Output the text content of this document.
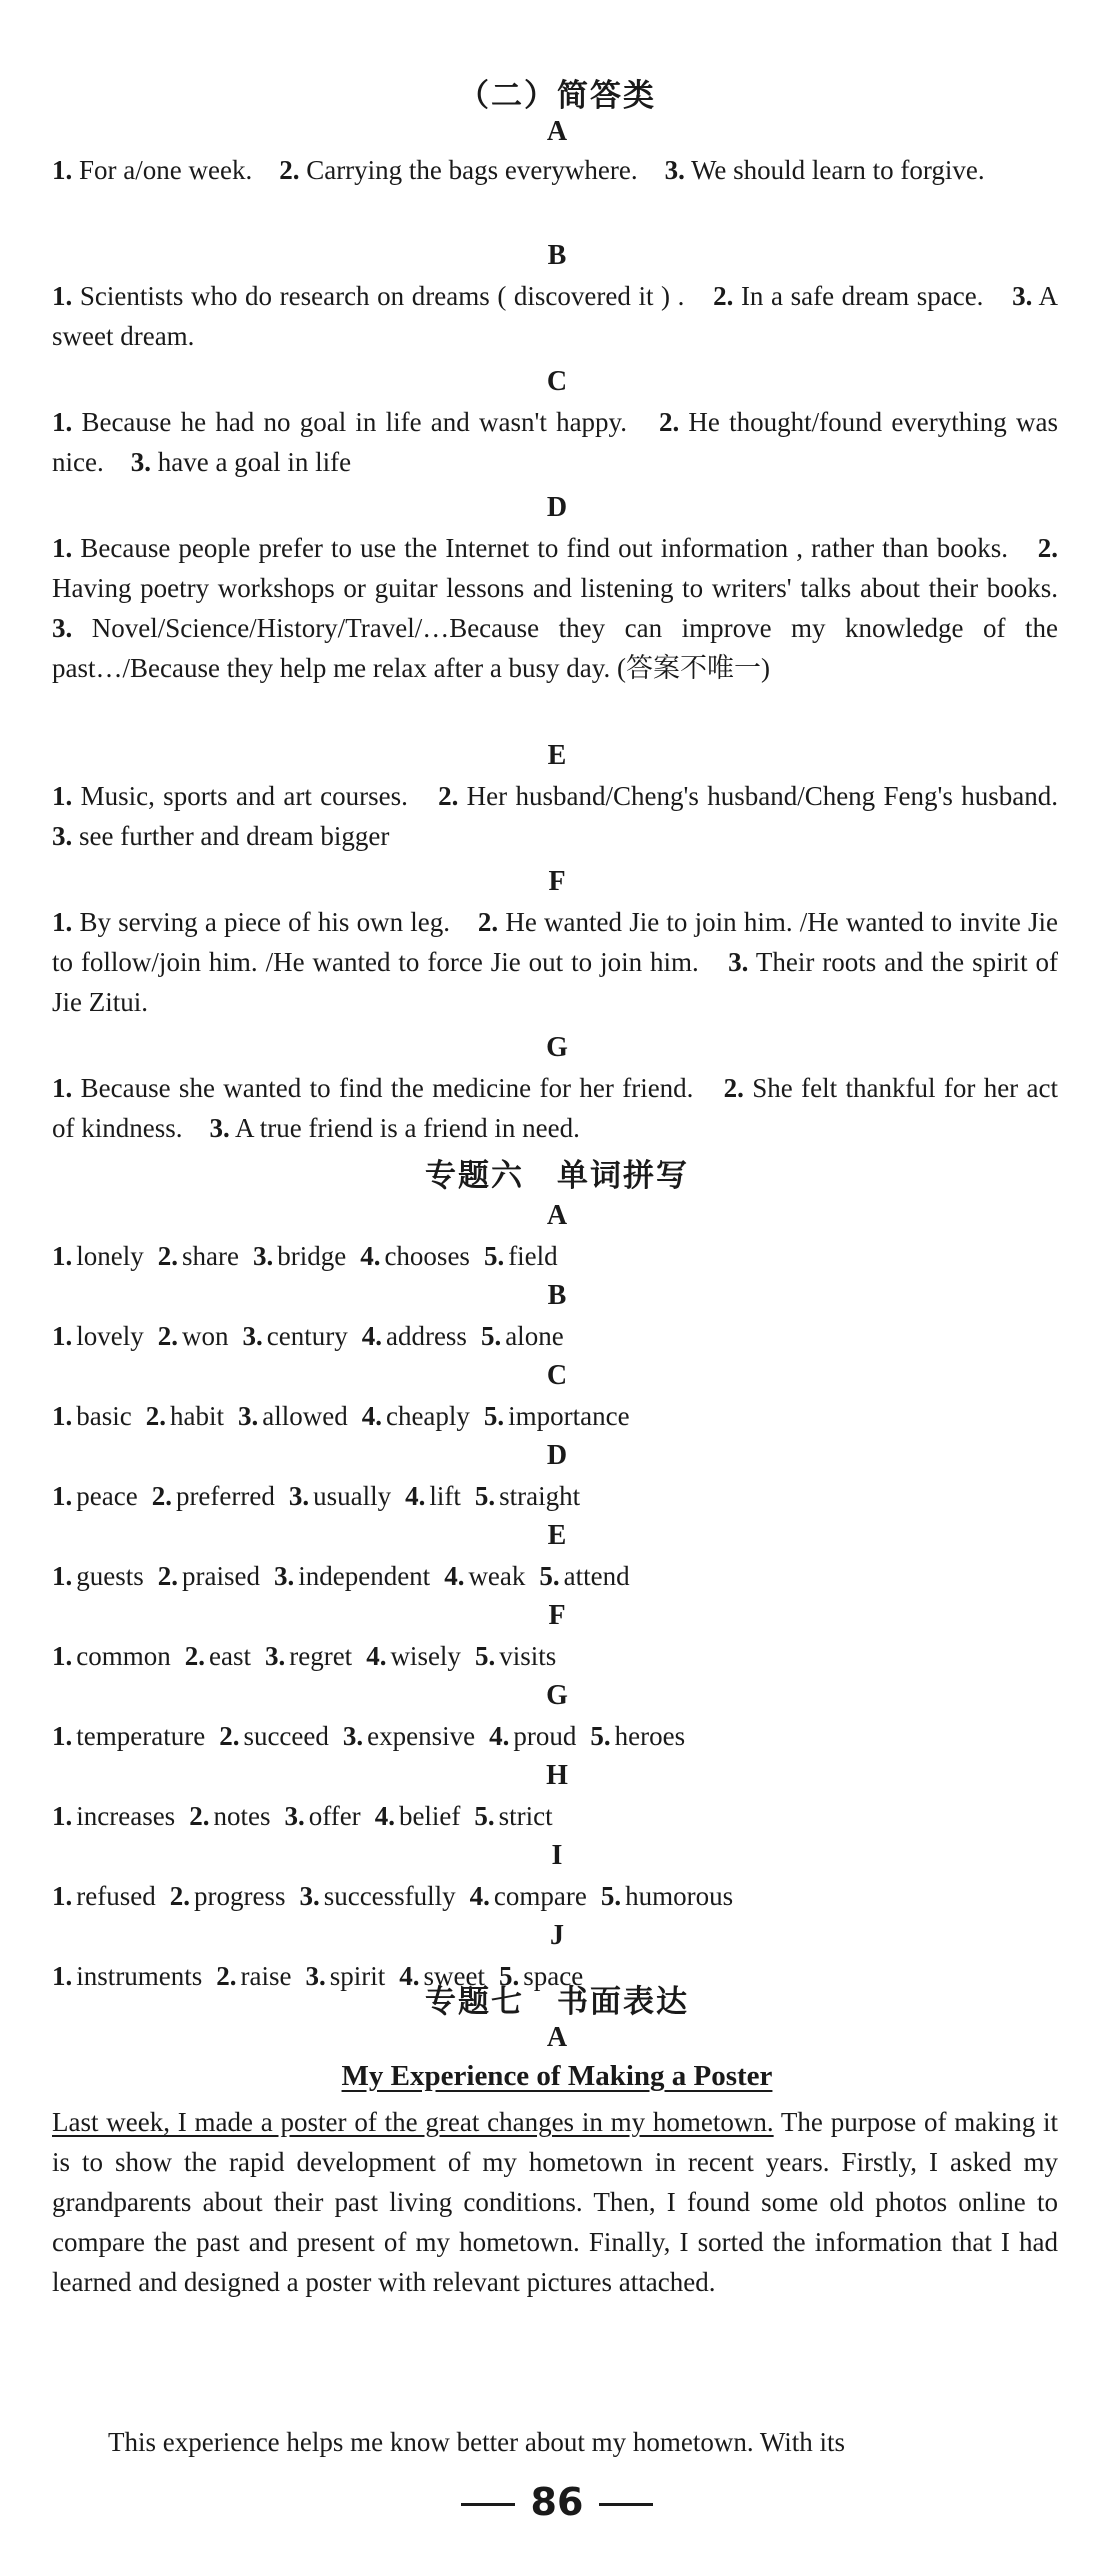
（二）简答类
A
1. For a/one week.　 2. Carrying the bags everywhere.　 3. We should learn to forgive.
B
1. Scientists who do research on dreams ( discovered it ) .　 2. In a safe dream space.　 3. A sweet dream.
C
1. Because he had no goal in life and wasn't happy.　 2. He thought/found everything was nice.　 3. have a goal in life
D
1. Because people prefer to use the Internet to find out information , rather than books.　 2. Having poetry workshops or guitar lessons and listening to writers' talks about their books.　3. Novel/Science/History/Travel/…Because they can improve my knowledge of the past…/Because they help me relax after a busy day. (答案不唯一)
E
1. Music, sports and art courses.　 2. Her husband/Cheng's husband/Cheng Feng's husband.　3. see further and dream bigger
F
1. By serving a piece of his own leg.　 2. He wanted Jie to join him. /He wanted to invite Jie to follow/join him. /He wanted to force Jie out to join him.　 3. Their roots and the spirit of Jie Zitui.
G
1. Because she wanted to find the medicine for her friend.　 2. She felt thankful for her act of kindness.　 3. A true friend is a friend in need.
专题六　单词拼写
A
1. lonely 2. share 3. bridge 4. chooses 5. field
B
1. lovely 2. won 3. century 4. address 5. alone
C
1. basic 2. habit 3. allowed 4. cheaply 5. importance
D
1. peace 2. preferred 3. usually 4. lift 5. straight
E
1. guests 2. praised 3. independent 4. weak 5. attend
F
1. common 2. east 3. regret 4. wisely 5. visits
G
1. temperature 2. succeed 3. expensive 4. proud 5. heroes
H
1. increases 2. notes 3. offer 4. belief 5. strict
I
1. refused 2. progress 3. successfully 4. compare 5. humorous
J
1. instruments 2. raise 3. spirit 4. sweet 5. space
专题七　书面表达
A
My Experience of Making a Poster
Last week, I made a poster of the great changes in my hometown. The purpose of making it is to show the rapid development of my hometown in recent years. Firstly, I asked my grandparents about their past living conditions. Then, I found some old photos online to compare the past and present of my hometown. Finally, I sorted the information that I had learned and designed a poster with relevant pictures attached.
This experience helps me know better about my hometown. With its
86
